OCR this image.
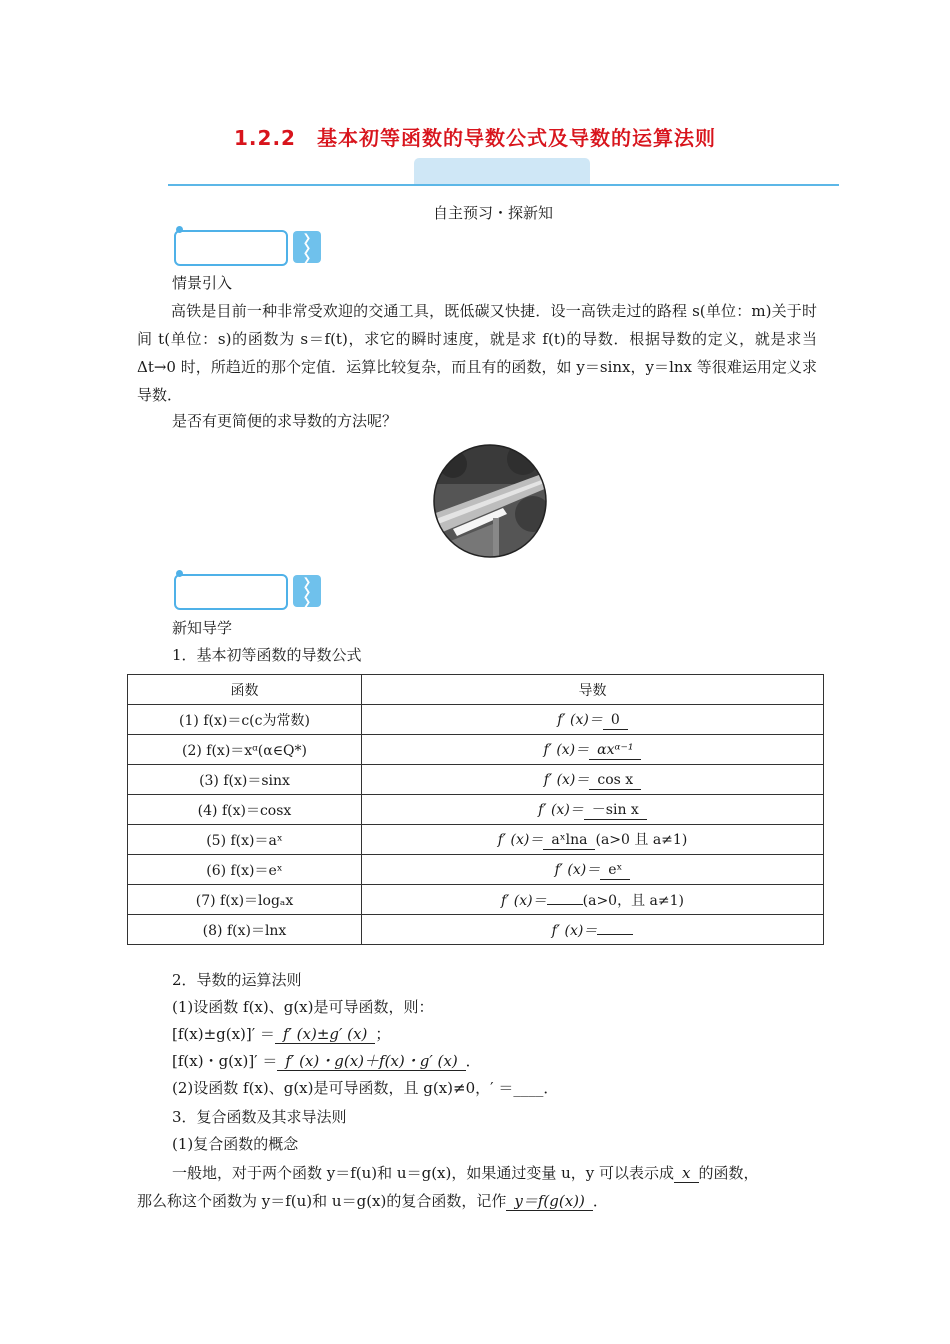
1.2.2　基本初等函数的导数公式及导数的运算法则
自主预习・探新知
❯
❯
❯
情景引入
高铁是目前一种非常受欢迎的交通工具，既低碳又快捷．设一高铁走过的路程 s(单位：m)关于时间 t(单位：s)的函数为 s＝f(t)，求它的瞬时速度，就是求 f(t)的导数．根据导数的定义，就是求当 Δt→0 时，所趋近的那个定值．运算比较复杂，而且有的函数，如 y＝sinx，y＝lnx 等很难运用定义求导数．
是否有更简便的求导数的方法呢？
❯
❯
❯
新知导学
1．基本初等函数的导数公式
函数	导数
(1) f(x)＝c(c为常数)	f′ (x)＝ 0
(2) f(x)＝xᵅ(α∈Q*)	f′ (x)＝ αxᵅ⁻¹
(3) f(x)＝sinx	f′ (x)＝ cos x
(4) f(x)＝cosx	f′ (x)＝ －sin x
(5) f(x)＝aˣ	f′ (x)＝ aˣlna (a>0 且 a≠1)
(6) f(x)＝eˣ	f′ (x)＝ eˣ
(7) f(x)＝logₐx	f′ (x)＝ (a>0，且 a≠1)
(8) f(x)＝lnx	f′ (x)＝
2．导数的运算法则
(1)设函数 f(x)、g(x)是可导函数，则：
[f(x)±g(x)]′ ＝ f′ (x)±g′ (x) ；
[f(x)・g(x)]′ ＝ f′ (x)・g(x)＋f(x)・g′ (x) ．
(2)设函数 f(x)、g(x)是可导函数，且 g(x)≠0，′ ＝____．
3．复合函数及其求导法则
(1)复合函数的概念
一般地，对于两个函数 y＝f(u)和 u＝g(x)，如果通过变量 u，y 可以表示成 x 的函数，
那么称这个函数为 y＝f(u)和 u＝g(x)的复合函数，记作 y＝f(g(x)) ．
